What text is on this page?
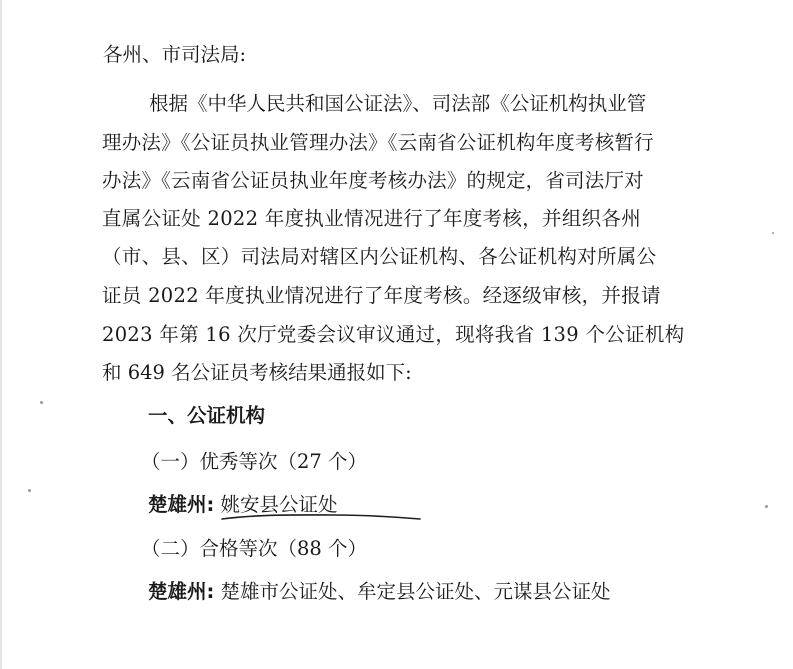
各州、市司法局:
根据《中华人民共和国公证法》、司法部《公证机构执业管
理办法》《公证员执业管理办法》《云南省公证机构年度考核暂行
办法》《云南省公证员执业年度考核办法》的规定，省司法厅对
直属公证处 2022 年度执业情况进行了年度考核，并组织各州
（市、县、区）司法局对辖区内公证机构、各公证机构对所属公
证员 2022 年度执业情况进行了年度考核。经逐级审核，并报请
2023 年第 16 次厅党委会议审议通过，现将我省 139 个公证机构
和 649 名公证员考核结果通报如下:
一、公证机构
（一）优秀等次（27 个）
楚雄州: 姚安县公证处
（二）合格等次（88 个）
楚雄州: 楚雄市公证处、牟定县公证处、元谋县公证处
